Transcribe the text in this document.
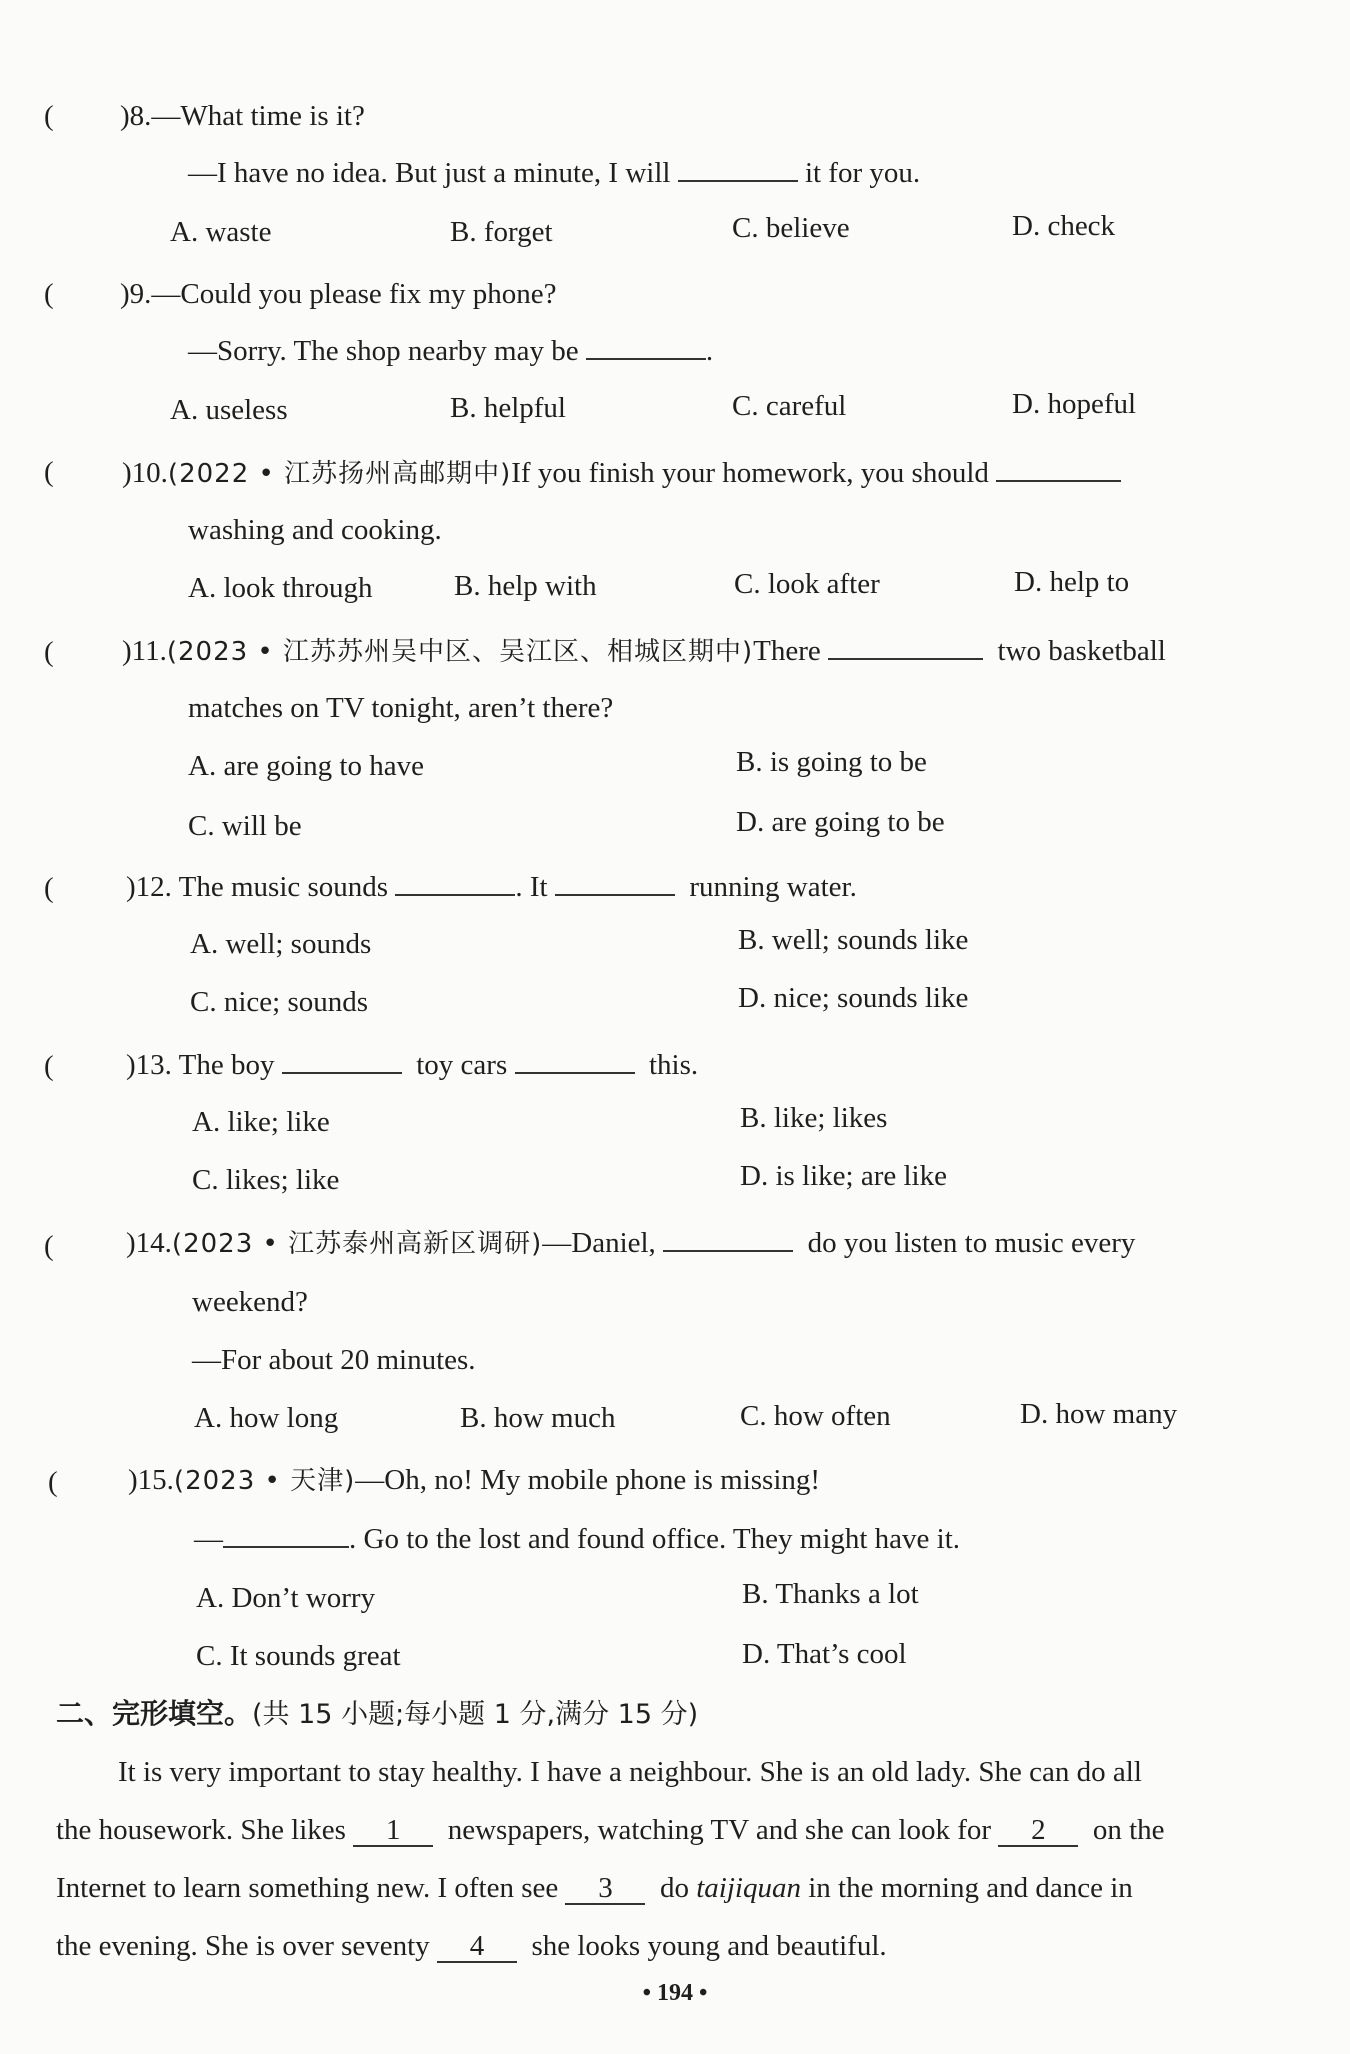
( )8.—What time is it?
—I have no idea. But just a minute, I will	it for you.
A. waste	B. forget	C. believe	D. check
( )9.—Could you please fix my phone?
—Sorry. The shop nearby may be	.
A. useless	B. helpful	C. careful	D. hopeful
( )10.(2022 • 江苏扬州高邮期中)If you finish your homework, you should
washing and cooking.
A. look through	B. help with	C. look after	D. help to
( )11.(2023 • 江苏苏州吴中区、吴江区、相城区期中)There	two basketball
matches on TV tonight, aren’t there?
A. are going to have	B. is going to be
C. will be	D. are going to be
( )12. The music sounds	. It	running water.
A. well; sounds	B. well; sounds like
C. nice; sounds	D. nice; sounds like
( )13. The boy	toy cars	this.
A. like; like	B. like; likes
C. likes; like	D. is like; are like
( )14.(2023 • 江苏泰州高新区调研)—Daniel,	do you listen to music every
weekend?
—For about 20 minutes.
A. how long	B. how much	C. how often	D. how many
( )15.(2023 • 天津)—Oh, no! My mobile phone is missing!
—	. Go to the lost and found office. They might have it.
A. Don’t worry	B. Thanks a lot
C. It sounds great	D. That’s cool
二、完形填空。(共 15 小题;每小题 1 分,满分 15 分)
It is very important to stay healthy. I have a neighbour. She is an old lady. She can do all
the housework. She likes 1 newspapers, watching TV and she can look for 2 on the
Internet to learn something new. I often see 3 do taijiquan in the morning and dance in
the evening. She is over seventy 4 she looks young and beautiful.
• 194 •
